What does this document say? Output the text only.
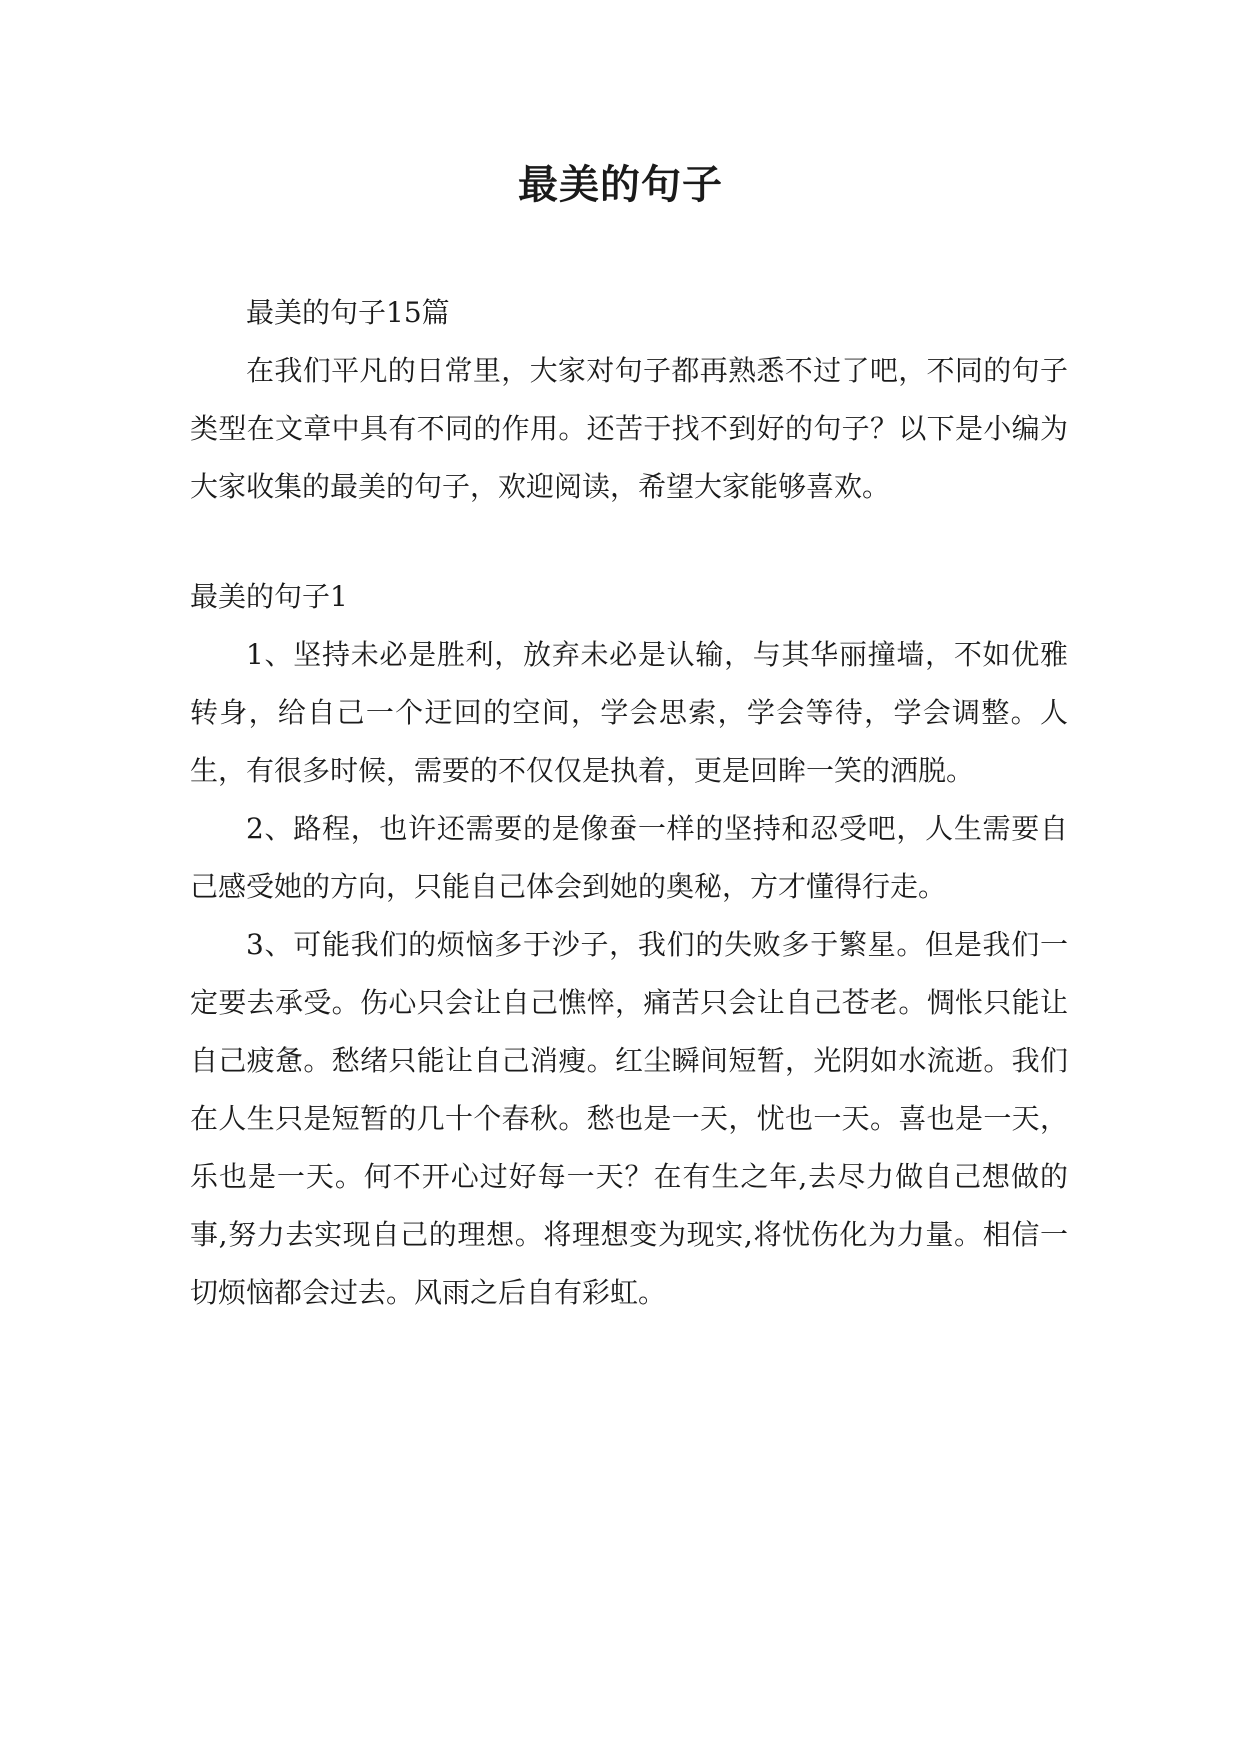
最美的句子

最美的句子15篇

在我们平凡的日常里，大家对句子都再熟悉不过了吧，不同的句子类型在文章中具有不同的作用。还苦于找不到好的句子？以下是小编为大家收集的最美的句子，欢迎阅读，希望大家能够喜欢。

最美的句子1

1、坚持未必是胜利，放弃未必是认输，与其华丽撞墙，不如优雅转身，给自己一个迂回的空间，学会思索，学会等待，学会调整。人生，有很多时候，需要的不仅仅是执着，更是回眸一笑的洒脱。

2、路程，也许还需要的是像蚕一样的坚持和忍受吧，人生需要自己感受她的方向，只能自己体会到她的奥秘，方才懂得行走。

3、可能我们的烦恼多于沙子，我们的失败多于繁星。但是我们一定要去承受。伤心只会让自己憔悴，痛苦只会让自己苍老。惆怅只能让自己疲惫。愁绪只能让自己消瘦。红尘瞬间短暂，光阴如水流逝。我们在人生只是短暂的几十个春秋。愁也是一天，忧也一天。喜也是一天，乐也是一天。何不开心过好每一天？在有生之年,去尽力做自己想做的事,努力去实现自己的理想。将理想变为现实,将忧伤化为力量。相信一切烦恼都会过去。风雨之后自有彩虹。
